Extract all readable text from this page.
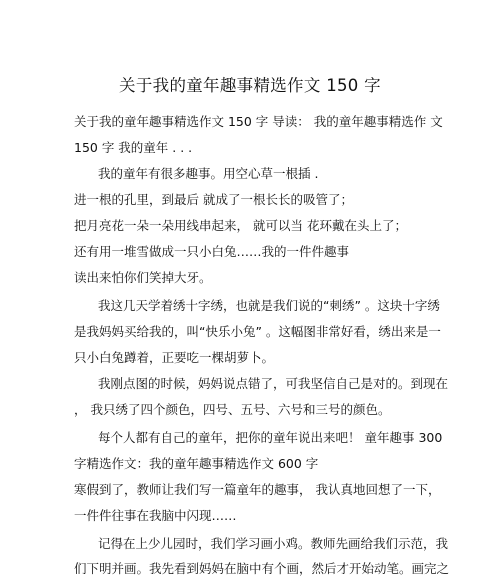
关于我的童年趣事精选作文 150 字
关于我的童年趣事精选作文 150 字 导读： 我的童年趣事精选作 文
150 字 我的童年 . . .
我的童年有很多趣事。用空心草一根插 .
进一根的孔里，到最后 就成了一根长长的吸管了；
把月亮花一朵一朵用线串起来， 就可以当 花环戴在头上了；
还有用一堆雪做成一只小白兔……我的一件件趣事
读出来怕你们笑掉大牙。
我这几天学着绣十字绣，也就是我们说的“刺绣” 。这块十字绣
是我妈妈买给我的，叫“快乐小兔” 。这幅图非常好看，绣出来是一
只小白兔蹲着，正要吃一棵胡萝卜。
我刚点图的时候，妈妈说点错了，可我坚信自己是对的。到现在
， 我只绣了四个颜色，四号、五号、六号和三号的颜色。
每个人都有自己的童年，把你的童年说出来吧！ 童年趣事 300
字精选作文：我的童年趣事精选作文 600 字
寒假到了，教师让我们写一篇童年的趣事， 我认真地回想了一下，
一件件往事在我脑中闪现……
记得在上少儿园时，我们学习画小鸡。教师先画给我们示范，我
们下明并画。我先看到妈妈在脑中有个画，然后才开始动笔。画完之
